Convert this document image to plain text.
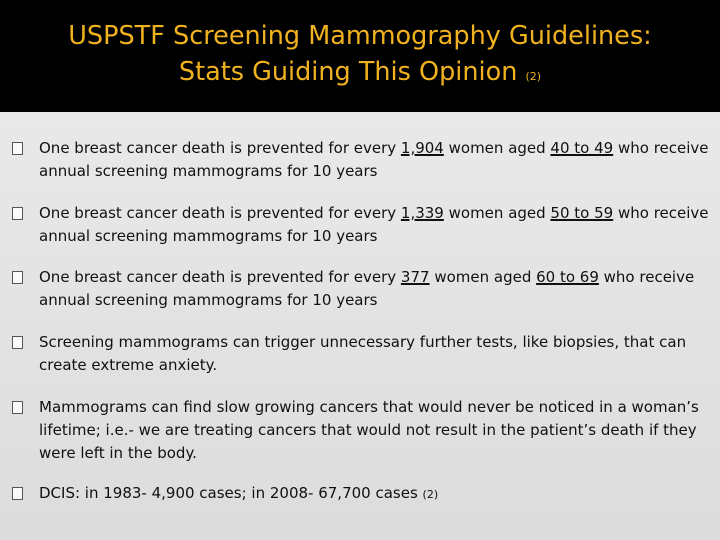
USPSTF Screening Mammography Guidelines:
Stats Guiding This Opinion (2)
One breast cancer death is prevented for every 1,904 women aged 40 to 49 who receive annual screening mammograms for 10 years
One breast cancer death is prevented for every 1,339 women aged 50 to 59 who receive annual screening mammograms for 10 years
One breast cancer death is prevented for every 377 women aged 60 to 69 who receive annual screening mammograms for 10 years
Screening mammograms can trigger unnecessary further tests, like biopsies, that can create extreme anxiety.
Mammograms can find slow growing cancers that would never be noticed in a woman’s lifetime; i.e.- we are treating cancers that would not result in the patient’s death if they were left in the body.
DCIS: in 1983- 4,900 cases; in 2008- 67,700 cases (2)
